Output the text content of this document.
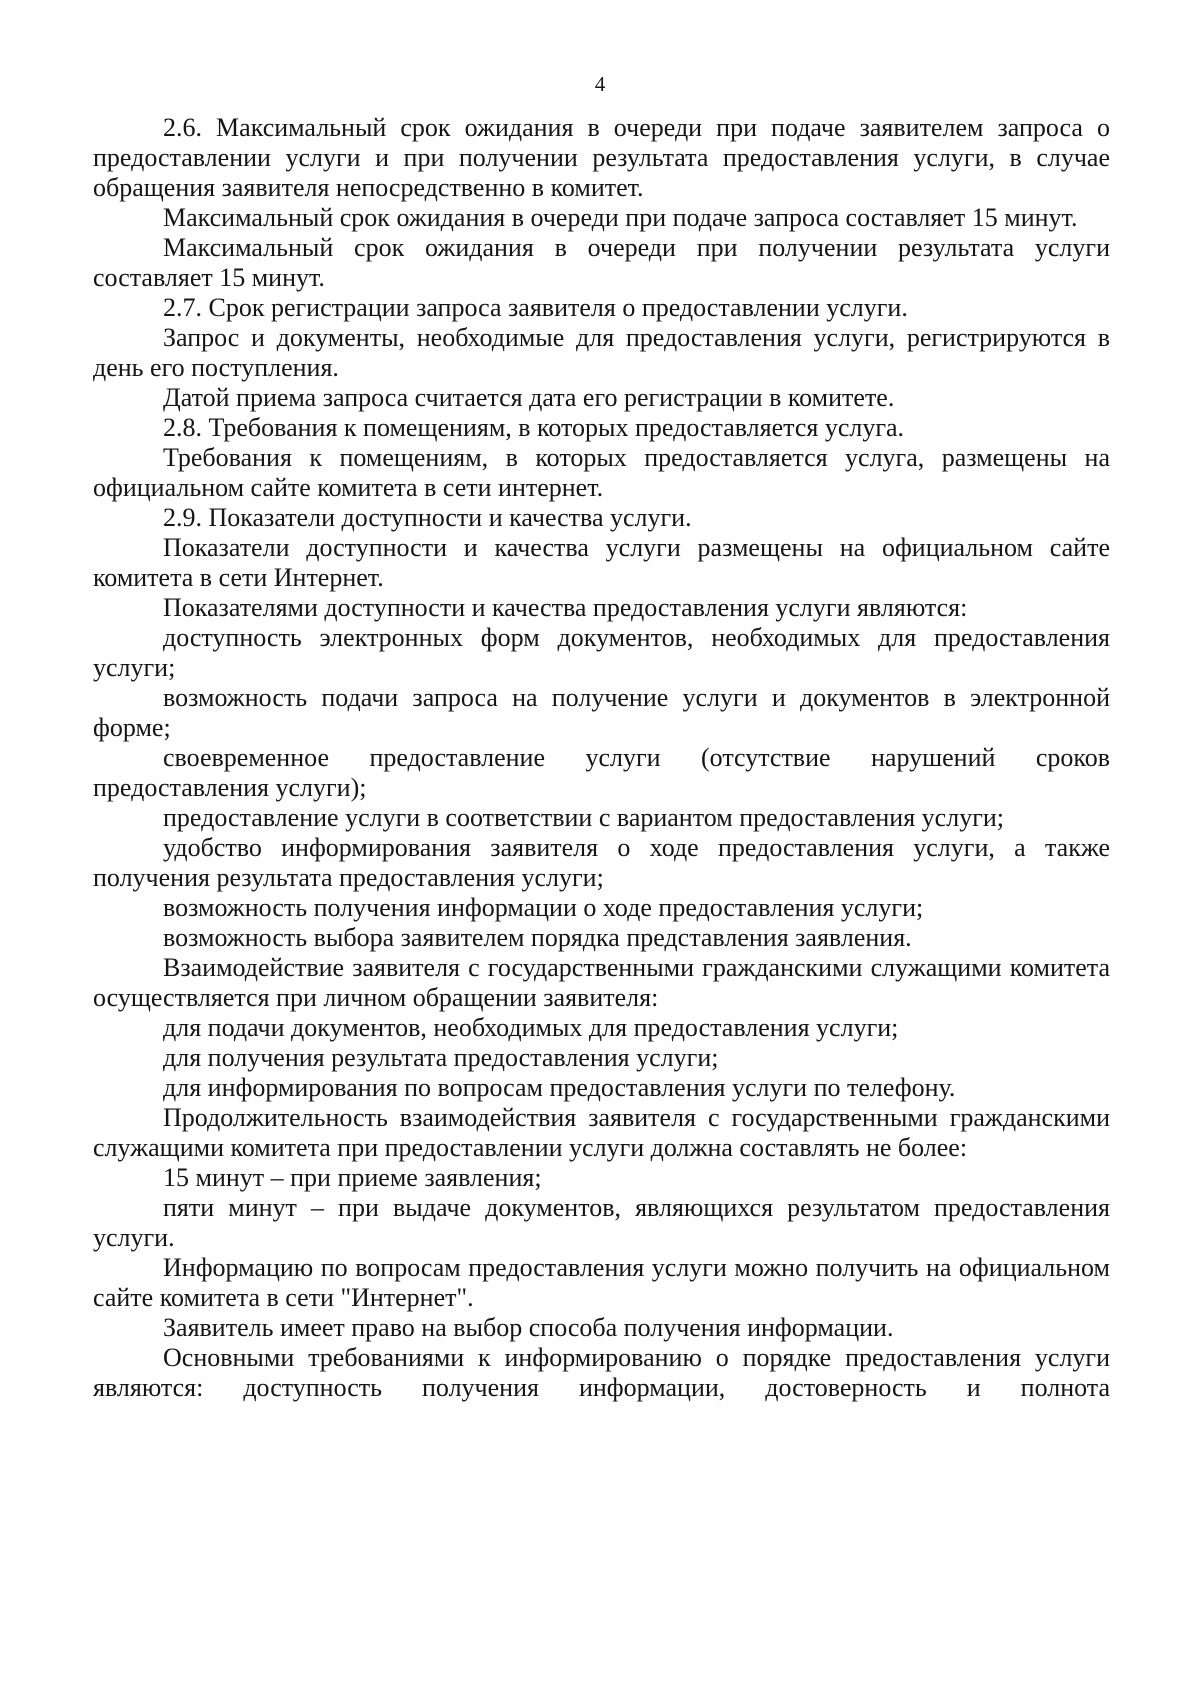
4

2.6. Максимальный срок ожидания в очереди при подаче заявителем запроса о предоставлении услуги и при получении результата предоставления услуги, в случае обращения заявителя непосредственно в комитет.

Максимальный срок ожидания в очереди при подаче запроса составляет 15 минут.

Максимальный срок ожидания в очереди при получении результата услуги составляет 15 минут.

2.7. Срок регистрации запроса заявителя о предоставлении услуги.

Запрос и документы, необходимые для предоставления услуги, регистрируются в день его поступления.

Датой приема запроса считается дата его регистрации в комитете.

2.8. Требования к помещениям, в которых предоставляется услуга.

Требования к помещениям, в которых предоставляется услуга, размещены на официальном сайте комитета в сети интернет.

2.9. Показатели доступности и качества услуги.

Показатели доступности и качества услуги размещены на официальном сайте комитета в сети Интернет.

Показателями доступности и качества предоставления услуги являются:

доступность электронных форм документов, необходимых для предоставления услуги;

возможность подачи запроса на получение услуги и документов в электронной форме;

своевременное предоставление услуги (отсутствие нарушений сроков предоставления услуги);

предоставление услуги в соответствии с вариантом предоставления услуги;

удобство информирования заявителя о ходе предоставления услуги, а также получения результата предоставления услуги;

возможность получения информации о ходе предоставления услуги;

возможность выбора заявителем порядка представления заявления.

Взаимодействие заявителя с государственными гражданскими служащими комитета осуществляется при личном обращении заявителя:

для подачи документов, необходимых для предоставления услуги;

для получения результата предоставления услуги;

для информирования по вопросам предоставления услуги по телефону.

Продолжительность взаимодействия заявителя с государственными гражданскими служащими комитета при предоставлении услуги должна составлять не более:

15 минут – при приеме заявления;

пяти минут – при выдаче документов, являющихся результатом предоставления услуги.

Информацию по вопросам предоставления услуги можно получить на официальном сайте комитета в сети "Интернет".

Заявитель имеет право на выбор способа получения информации.

Основными требованиями к информированию о порядке предоставления услуги являются: доступность получения информации, достоверность и полнота
